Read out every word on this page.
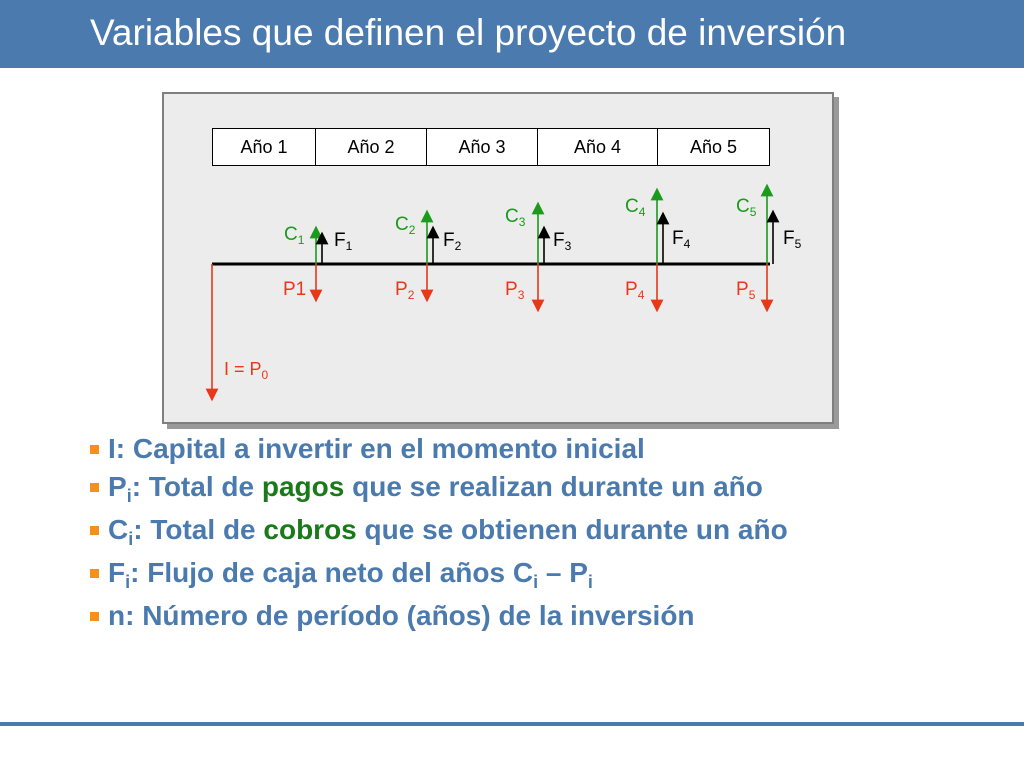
Variables que definen el proyecto de inversión
Año 1	Año 2	Año 3	Año 4	Año 5
$C_1$
$C_2$
$C_3$
$C_4$	$C_5$
$F_1$	$F_2$	$F_3$	$F_4$	$F_5$
P1	$P_2$	$P_3$	$P_4$	$P_5$
$I = P_0$
I: Capital a invertir en el momento inicial
$P_i$: Total de pagos que se realizan durante un año
$C_i$: Total de cobros que se obtienen durante un año
$F_i$: Flujo de caja neto del años $C_i - P_i$
n: Número de período (años) de la inversión
